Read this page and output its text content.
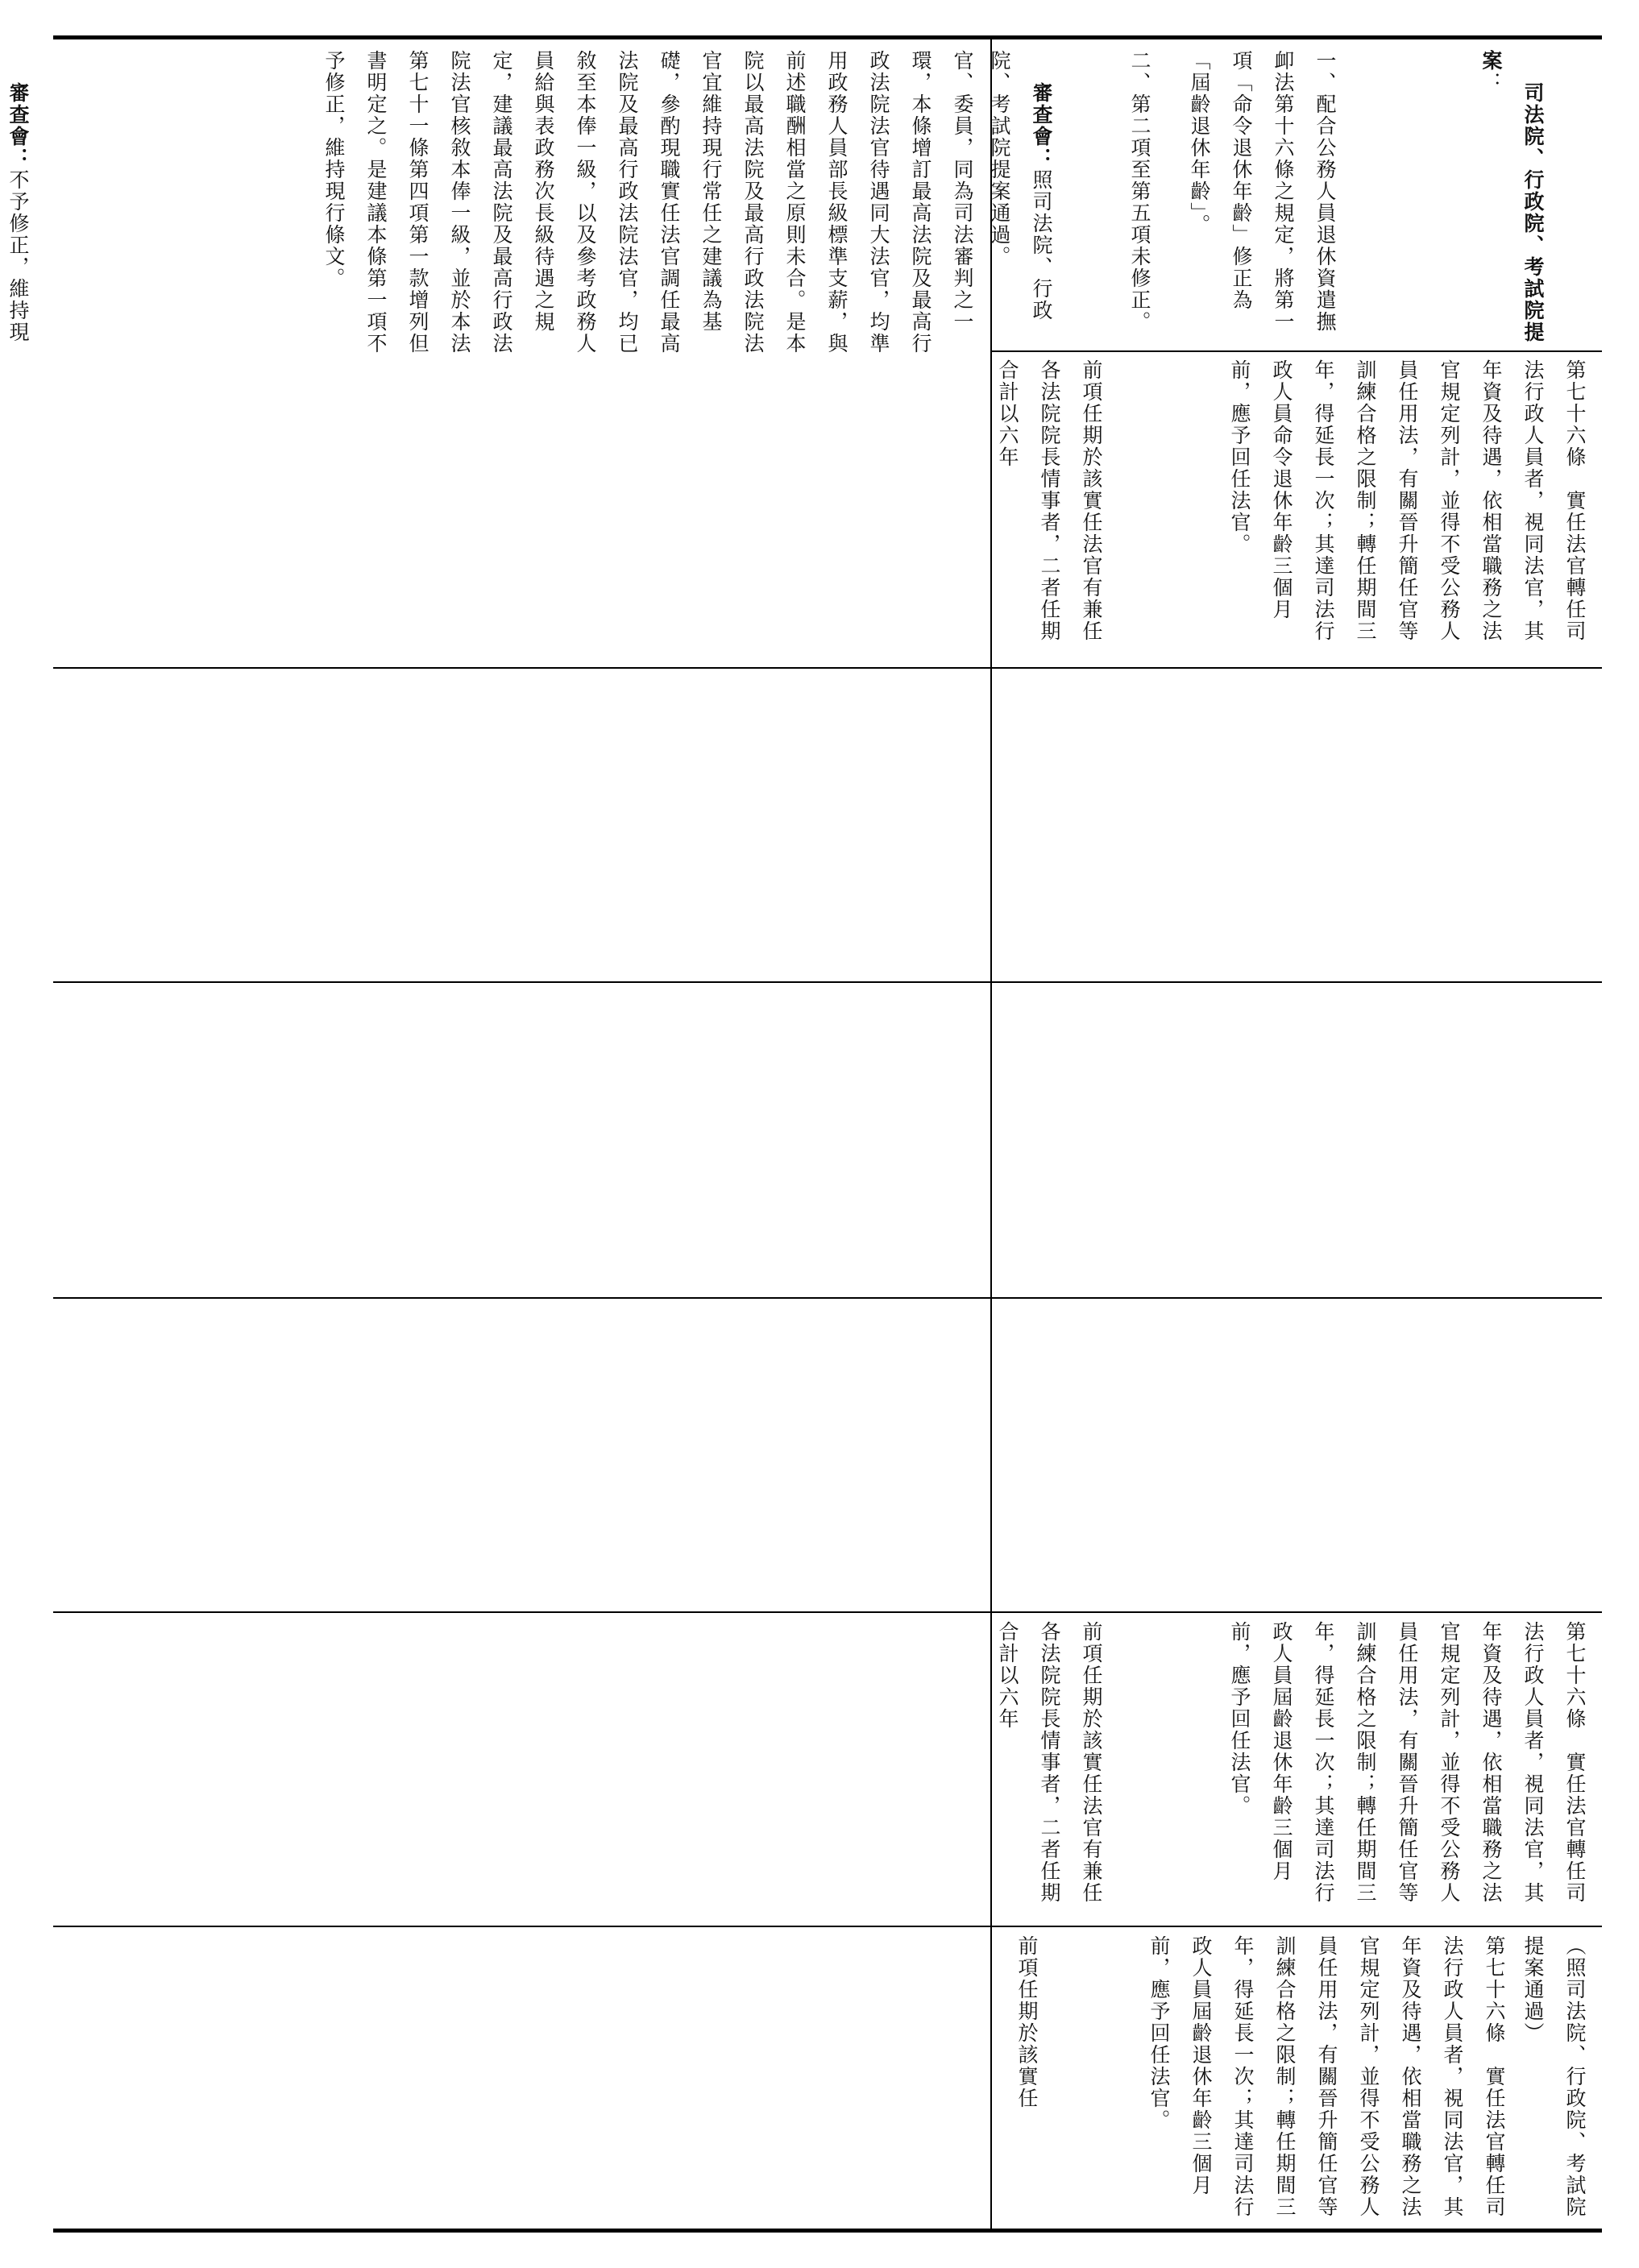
官、委員，同為司法審判之一環，本條增訂最高法院及最高行政法院法官待遇同大法官，均準用政務人員部長級標準支薪，與前述職酬相當之原則未合。是本院以最高法院及最高行政法院法官宜維持現行常任之建議為基礎，參酌現職實任法官調任最高法院及最高行政法院法官，均已敘至本俸一級，以及參考政務人員給與表政務次長級待遇之規定，建議最高法院及最高行政法院法官核敘本俸一級，並於本法第七十一條第四項第一款增列但書明定之。是建議本條第一項不予修正，維持現行條文。

審查會：不予修正，維持現
	司法院、行政院、考試院提案：

一、配合公務人員退休資遣撫卹法第十六條之規定，將第一項「命令退休年齡」修正為「屆齡退休年齡」。
二、第二項至第五項未修正。

審查會：照司法院、行政院、考試院提案通過。

第七十六條　實任法官轉任司法行政人員者，視同法官，其年資及待遇，依相當職務之法官規定列計，並得不受公務人員任用法，有關晉升簡任官等訓練合格之限制；轉任期間三年，得延長一次；其達司法行政人員命令退休年齡三個月前，應予回任法官。
前項任期於該實任法官有兼任各法院院長情事者，二者任期合計以六年
第七十六條　實任法官轉任司法行政人員者，視同法官，其年資及待遇，依相當職務之法官規定列計，並得不受公務人員任用法，有關晉升簡任官等訓練合格之限制；轉任期間三年，得延長一次；其達司法行政人員屆齡退休年齡三個月前，應予回任法官。
前項任期於該實任法官有兼任各法院院長情事者，二者任期合計以六年
（照司法院、行政院、考試院提案通過）
第七十六條　實任法官轉任司法行政人員者，視同法官，其年資及待遇，依相當職務之法官規定列計，並得不受公務人員任用法，有關晉升簡任官等訓練合格之限制；轉任期間三年，得延長一次；其達司法行政人員屆齡退休年齡三個月前，應予回任法官。
前項任期於該實任
